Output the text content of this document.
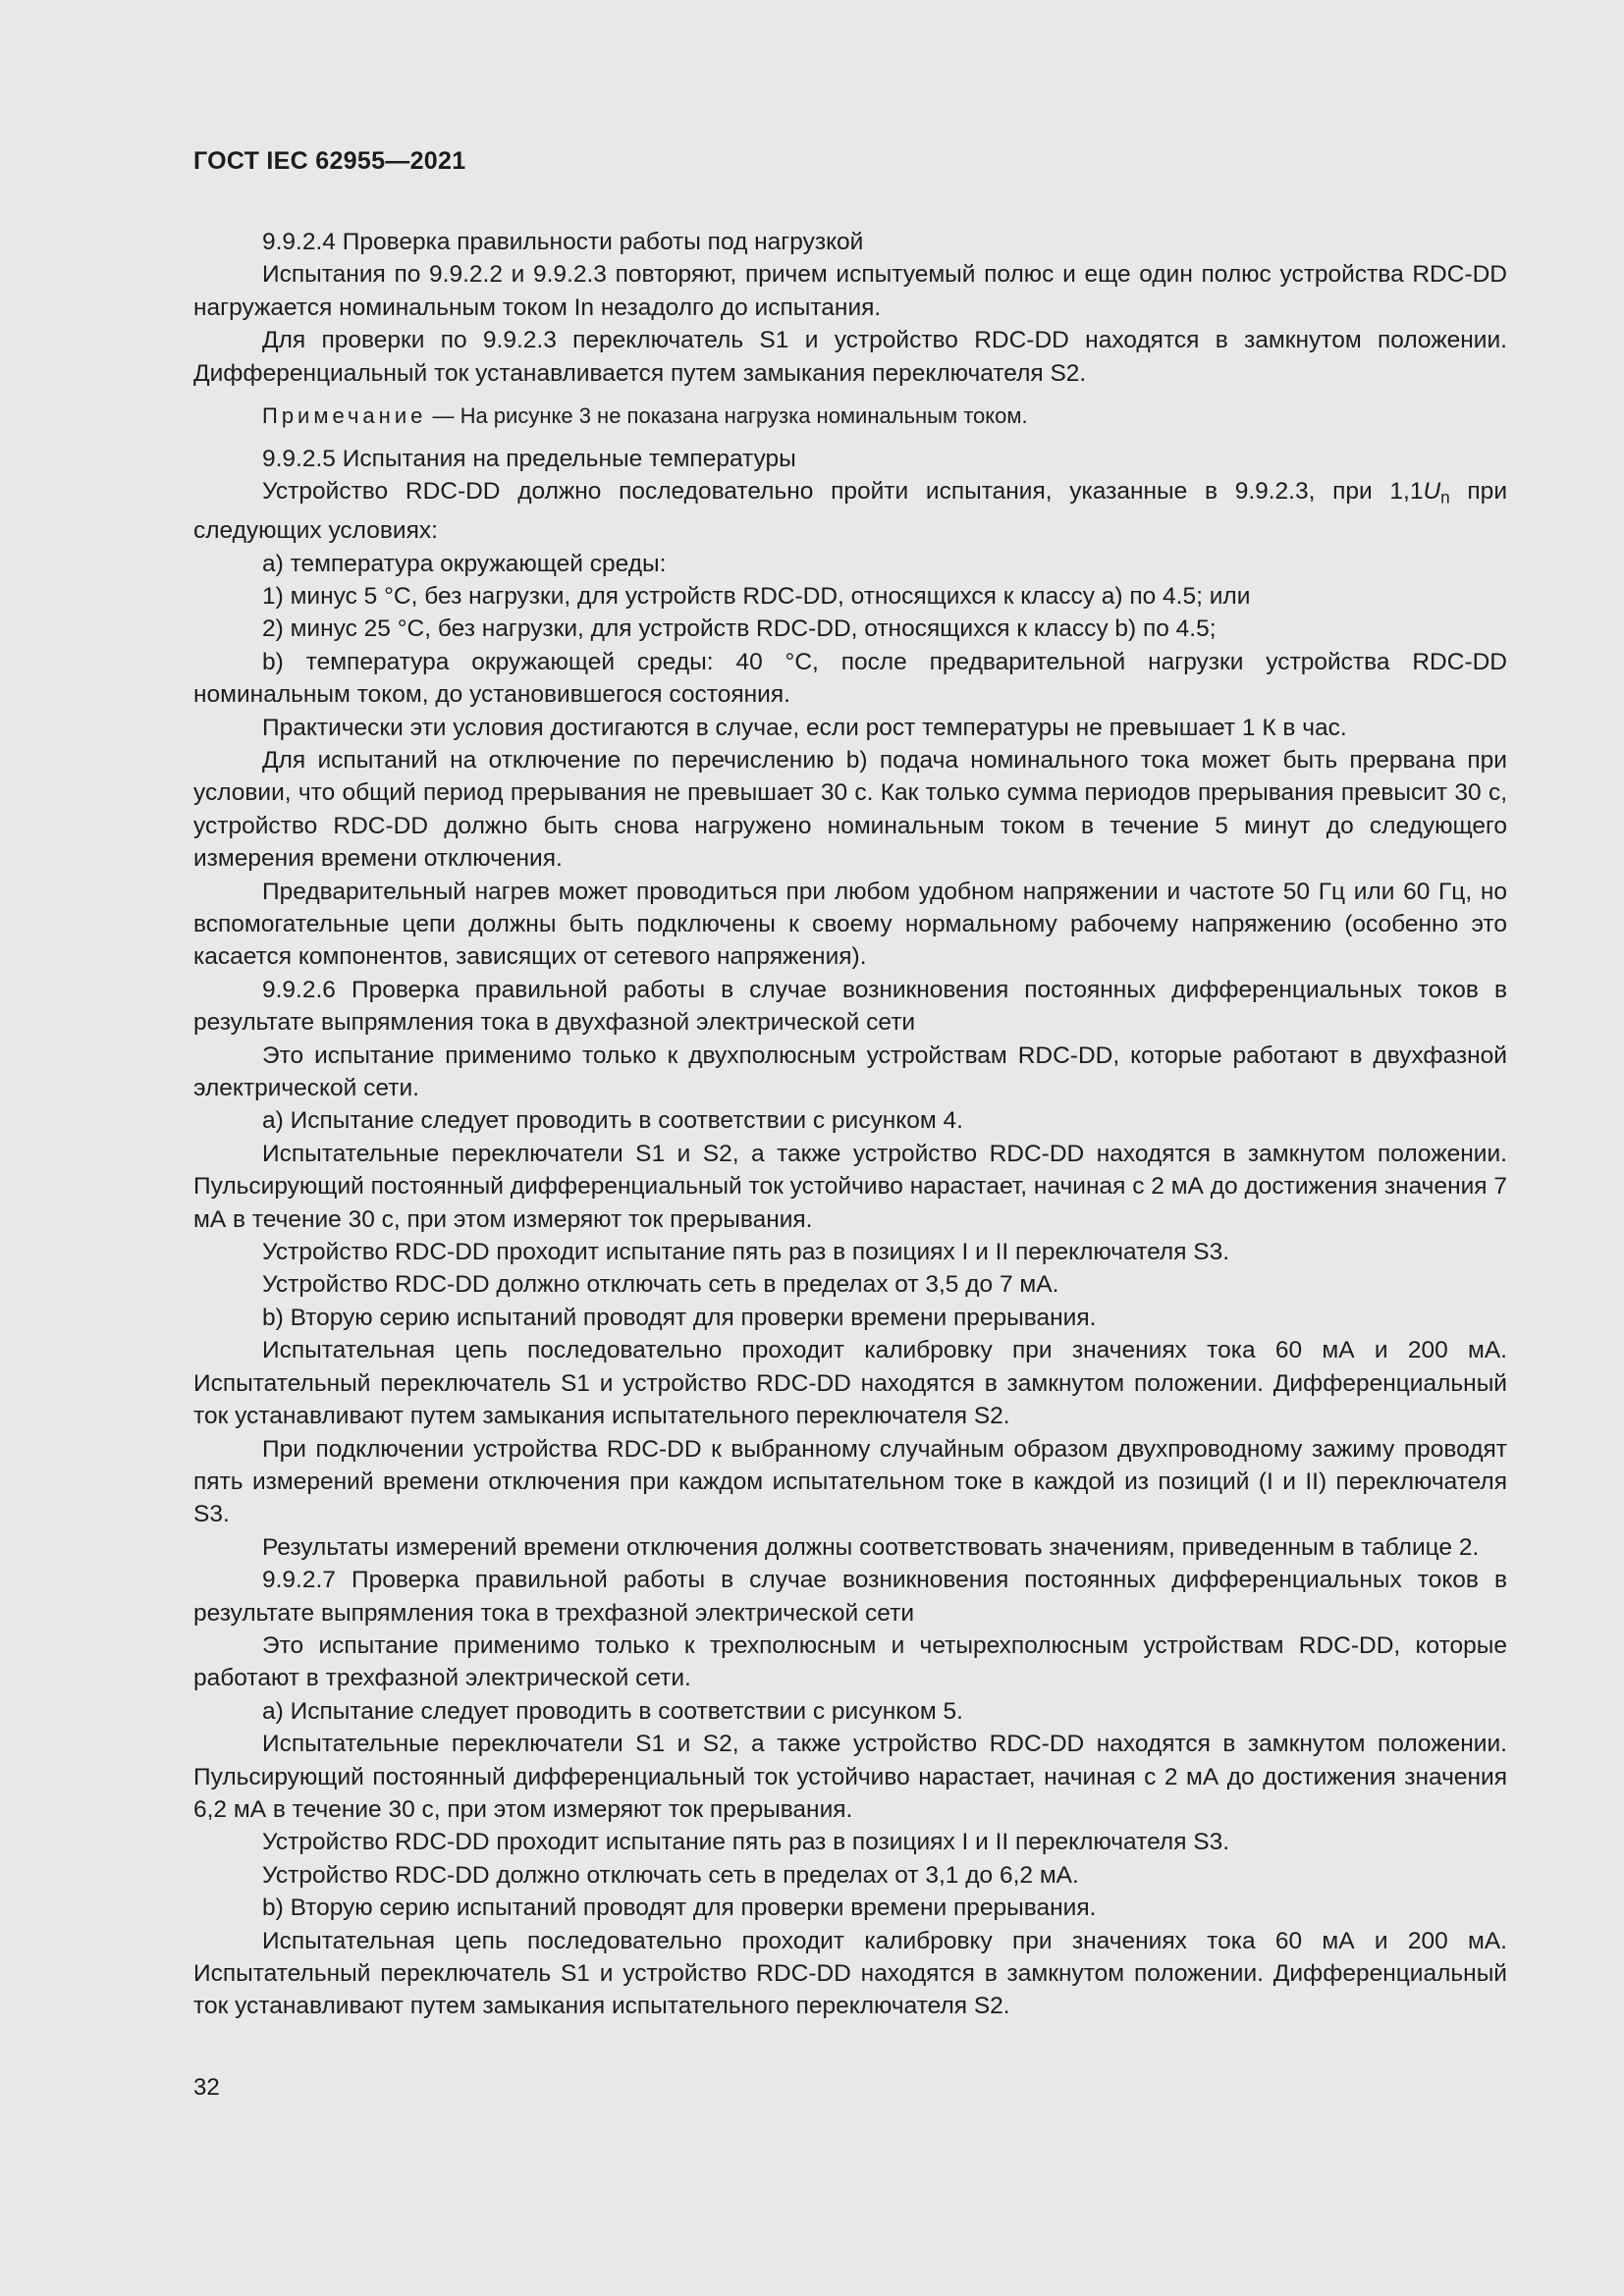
ГОСТ IEC 62955—2021

9.9.2.4 Проверка правильности работы под нагрузкой

Испытания по 9.9.2.2 и 9.9.2.3 повторяют, причем испытуемый полюс и еще один полюс устройства RDC-DD нагружается номинальным током In незадолго до испытания.

Для проверки по 9.9.2.3 переключатель S1 и устройство RDC-DD находятся в замкнутом положении. Дифференциальный ток устанавливается путем замыкания переключателя S2.

Примечание — На рисунке 3 не показана нагрузка номинальным током.

9.9.2.5 Испытания на предельные температуры

Устройство RDC-DD должно последовательно пройти испытания, указанные в 9.9.2.3, при $1,1U_n$ при следующих условиях:

a) температура окружающей среды:

1) минус 5 °С, без нагрузки, для устройств RDC-DD, относящихся к классу a) по 4.5; или

2) минус 25 °С, без нагрузки, для устройств RDC-DD, относящихся к классу b) по 4.5;

b) температура окружающей среды: 40 °С, после предварительной нагрузки устройства RDC-DD номинальным током, до установившегося состояния.

Практически эти условия достигаются в случае, если рост температуры не превышает 1 К в час.

Для испытаний на отключение по перечислению b) подача номинального тока может быть прервана при условии, что общий период прерывания не превышает 30 с. Как только сумма периодов прерывания превысит 30 с, устройство RDC-DD должно быть снова нагружено номинальным током в течение 5 минут до следующего измерения времени отключения.

Предварительный нагрев может проводиться при любом удобном напряжении и частоте 50 Гц или 60 Гц, но вспомогательные цепи должны быть подключены к своему нормальному рабочему напряжению (особенно это касается компонентов, зависящих от сетевого напряжения).

9.9.2.6 Проверка правильной работы в случае возникновения постоянных дифференциальных токов в результате выпрямления тока в двухфазной электрической сети

Это испытание применимо только к двухполюсным устройствам RDC-DD, которые работают в двухфазной электрической сети.

a) Испытание следует проводить в соответствии с рисунком 4.

Испытательные переключатели S1 и S2, а также устройство RDC-DD находятся в замкнутом положении. Пульсирующий постоянный дифференциальный ток устойчиво нарастает, начиная с 2 мА до достижения значения 7 мА в течение 30 с, при этом измеряют ток прерывания.

Устройство RDC-DD проходит испытание пять раз в позициях I и II переключателя S3.

Устройство RDC-DD должно отключать сеть в пределах от 3,5 до 7 мА.

b) Вторую серию испытаний проводят для проверки времени прерывания.

Испытательная цепь последовательно проходит калибровку при значениях тока 60 мА и 200 мА. Испытательный переключатель S1 и устройство RDC-DD находятся в замкнутом положении. Дифференциальный ток устанавливают путем замыкания испытательного переключателя S2.

При подключении устройства RDC-DD к выбранному случайным образом двухпроводному зажиму проводят пять измерений времени отключения при каждом испытательном токе в каждой из позиций (I и II) переключателя S3.

Результаты измерений времени отключения должны соответствовать значениям, приведенным в таблице 2.

9.9.2.7 Проверка правильной работы в случае возникновения постоянных дифференциальных токов в результате выпрямления тока в трехфазной электрической сети

Это испытание применимо только к трехполюсным и четырехполюсным устройствам RDC-DD, которые работают в трехфазной электрической сети.

a) Испытание следует проводить в соответствии с рисунком 5.

Испытательные переключатели S1 и S2, а также устройство RDC-DD находятся в замкнутом положении. Пульсирующий постоянный дифференциальный ток устойчиво нарастает, начиная с 2 мА до достижения значения 6,2 мА в течение 30 с, при этом измеряют ток прерывания.

Устройство RDC-DD проходит испытание пять раз в позициях I и II переключателя S3.

Устройство RDC-DD должно отключать сеть в пределах от 3,1 до 6,2 мА.

b) Вторую серию испытаний проводят для проверки времени прерывания.

Испытательная цепь последовательно проходит калибровку при значениях тока 60 мА и 200 мА. Испытательный переключатель S1 и устройство RDC-DD находятся в замкнутом положении. Дифференциальный ток устанавливают путем замыкания испытательного переключателя S2.

32
